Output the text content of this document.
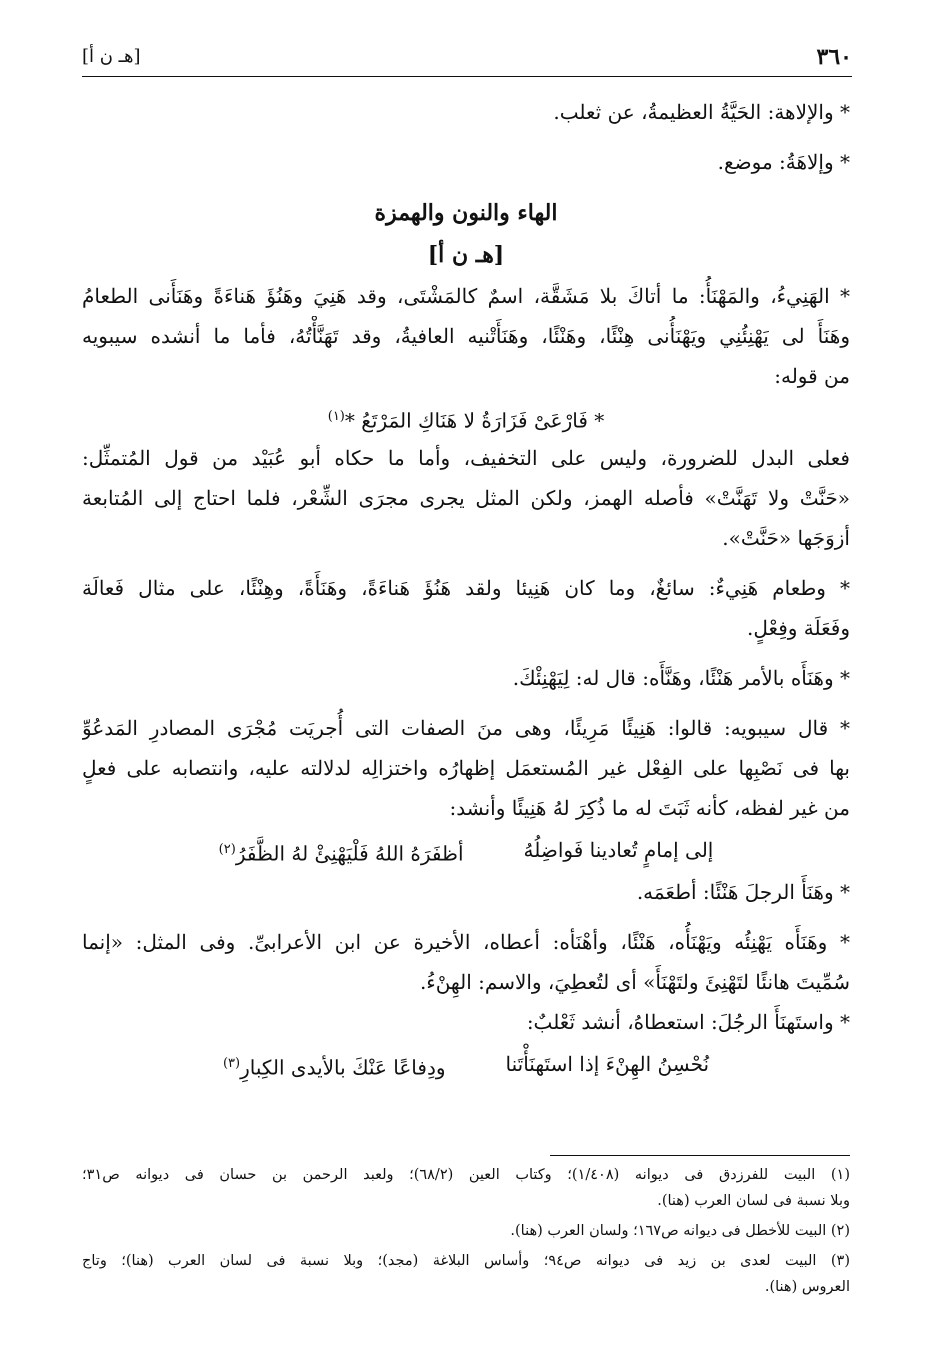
٣٦٠
[هـ ن أ]
* والإلاهة: الحَيَّةُ العظيمةُ، عن ثعلب.
* وإلاهَةُ: موضع.
الهاء والنون والهمزة
[هـ ن أ]
* الهَنِيءُ، والمَهْنَأُ: ما أتاكَ بلا مَشَقَّة، اسمٌ كالمَشْتَى، وقد هَنِيَ وهَنُؤَ هَناءَةً وهَنَأَنى الطعامُ
وهَنَأَ لى يَهْنِئُنِي ويَهْنَأُنى هِنْئًا، وهَنْئًا، وهَنَأَتْنيه العافيةُ، وقد تَهَنَّأْتُهُ، فأما ما أنشده سيبويه
من قوله:
* فَارْعَىْ فَزَارَةُ لا هَنَاكِ المَرْتَعُ *$^{(١)}$
فعلى البدل للضرورة، وليس على التخفيف، وأما ما حكاه أبو عُبَيْد من قول المُتمثِّل:
«حَنَّتْ ولا تَهَنَّتْ» فأصله الهمز، ولكن المثل يجرى مجرَى الشِّعْر، فلما احتاج إلى المُتابعة
أزوَجَها «حَنَّتْ».
* وطعام هَنِيءٌ: سائغٌ، وما كان هَنِيئا ولقد هَنُؤَ هَناءَةً، وهَنَأَةً، وهِنْئًا، على مثال فَعالَة
وفَعَلَة وفِعْلٍ.
* وهَنَأَه بالأمر هَنْئًا، وهَنَّأَه: قال له: لِيَهْنِئْكَ.
* قال سيبويه: قالوا: هَنِيئًا مَرِيئًا، وهى منَ الصفات التى أُجريَت مُجْرَى المصادرِ المَدعُوِّ
بها فى نَصْبِها على الفِعْل غير المُستعمَل إظهارُه واختزالِه لدلالته عليه، وانتصابه على فعلٍ
من غير لفظه، كأنه ثَبَتَ له ما ذُكِرَ لهُ هَنِيئًا وأنشد:
إلى إمامٍ تُعادينا فَواضِلُهُ
أظفَرَهُ اللهُ فَلْيَهْنِئْ لهُ الظَّفَرُ$^{(٢)}$
* وهَنَأَ الرجلَ هَنْئًا: أطعَمَه.
* وهَنَأَه يَهْنِئُه ويَهْنَأُه، هَنْئًا، وأهْنَأه: أعطاه، الأخيرة عن ابن الأعرابىِّ. وفى المثل: «إنما
سُمِّيتَ هانئًا لتَهْنِئَ ولتَهْنَأَ» أى لتُعطِيَ، والاسم: الهِنْءُ.
* واستَهنَأَ الرجُلَ: استعطاهُ، أنشد ثَعْلبٌ:
نُحْسِنُ الهِنْءَ إذا استَهنَأْتَنا
ودِفاعًا عَنْكَ بالأيدى الكِبارِ$^{(٣)}$
(١) البيت للفرزدق فى ديوانه (١/٤٠٨)؛ وكتاب العين (٦٨/٢)؛ ولعبد الرحمن بن حسان فى ديوانه ص٣١؛
وبلا نسبة فى لسان العرب (هنا).
(٢) البيت للأخطل فى ديوانه ص١٦٧؛ ولسان العرب (هنا).
(٣) البيت لعدى بن زيد فى ديوانه ص٩٤؛ وأساس البلاغة (مجد)؛ وبلا نسبة فى لسان العرب (هنا)؛ وتاج
العروس (هنا).
